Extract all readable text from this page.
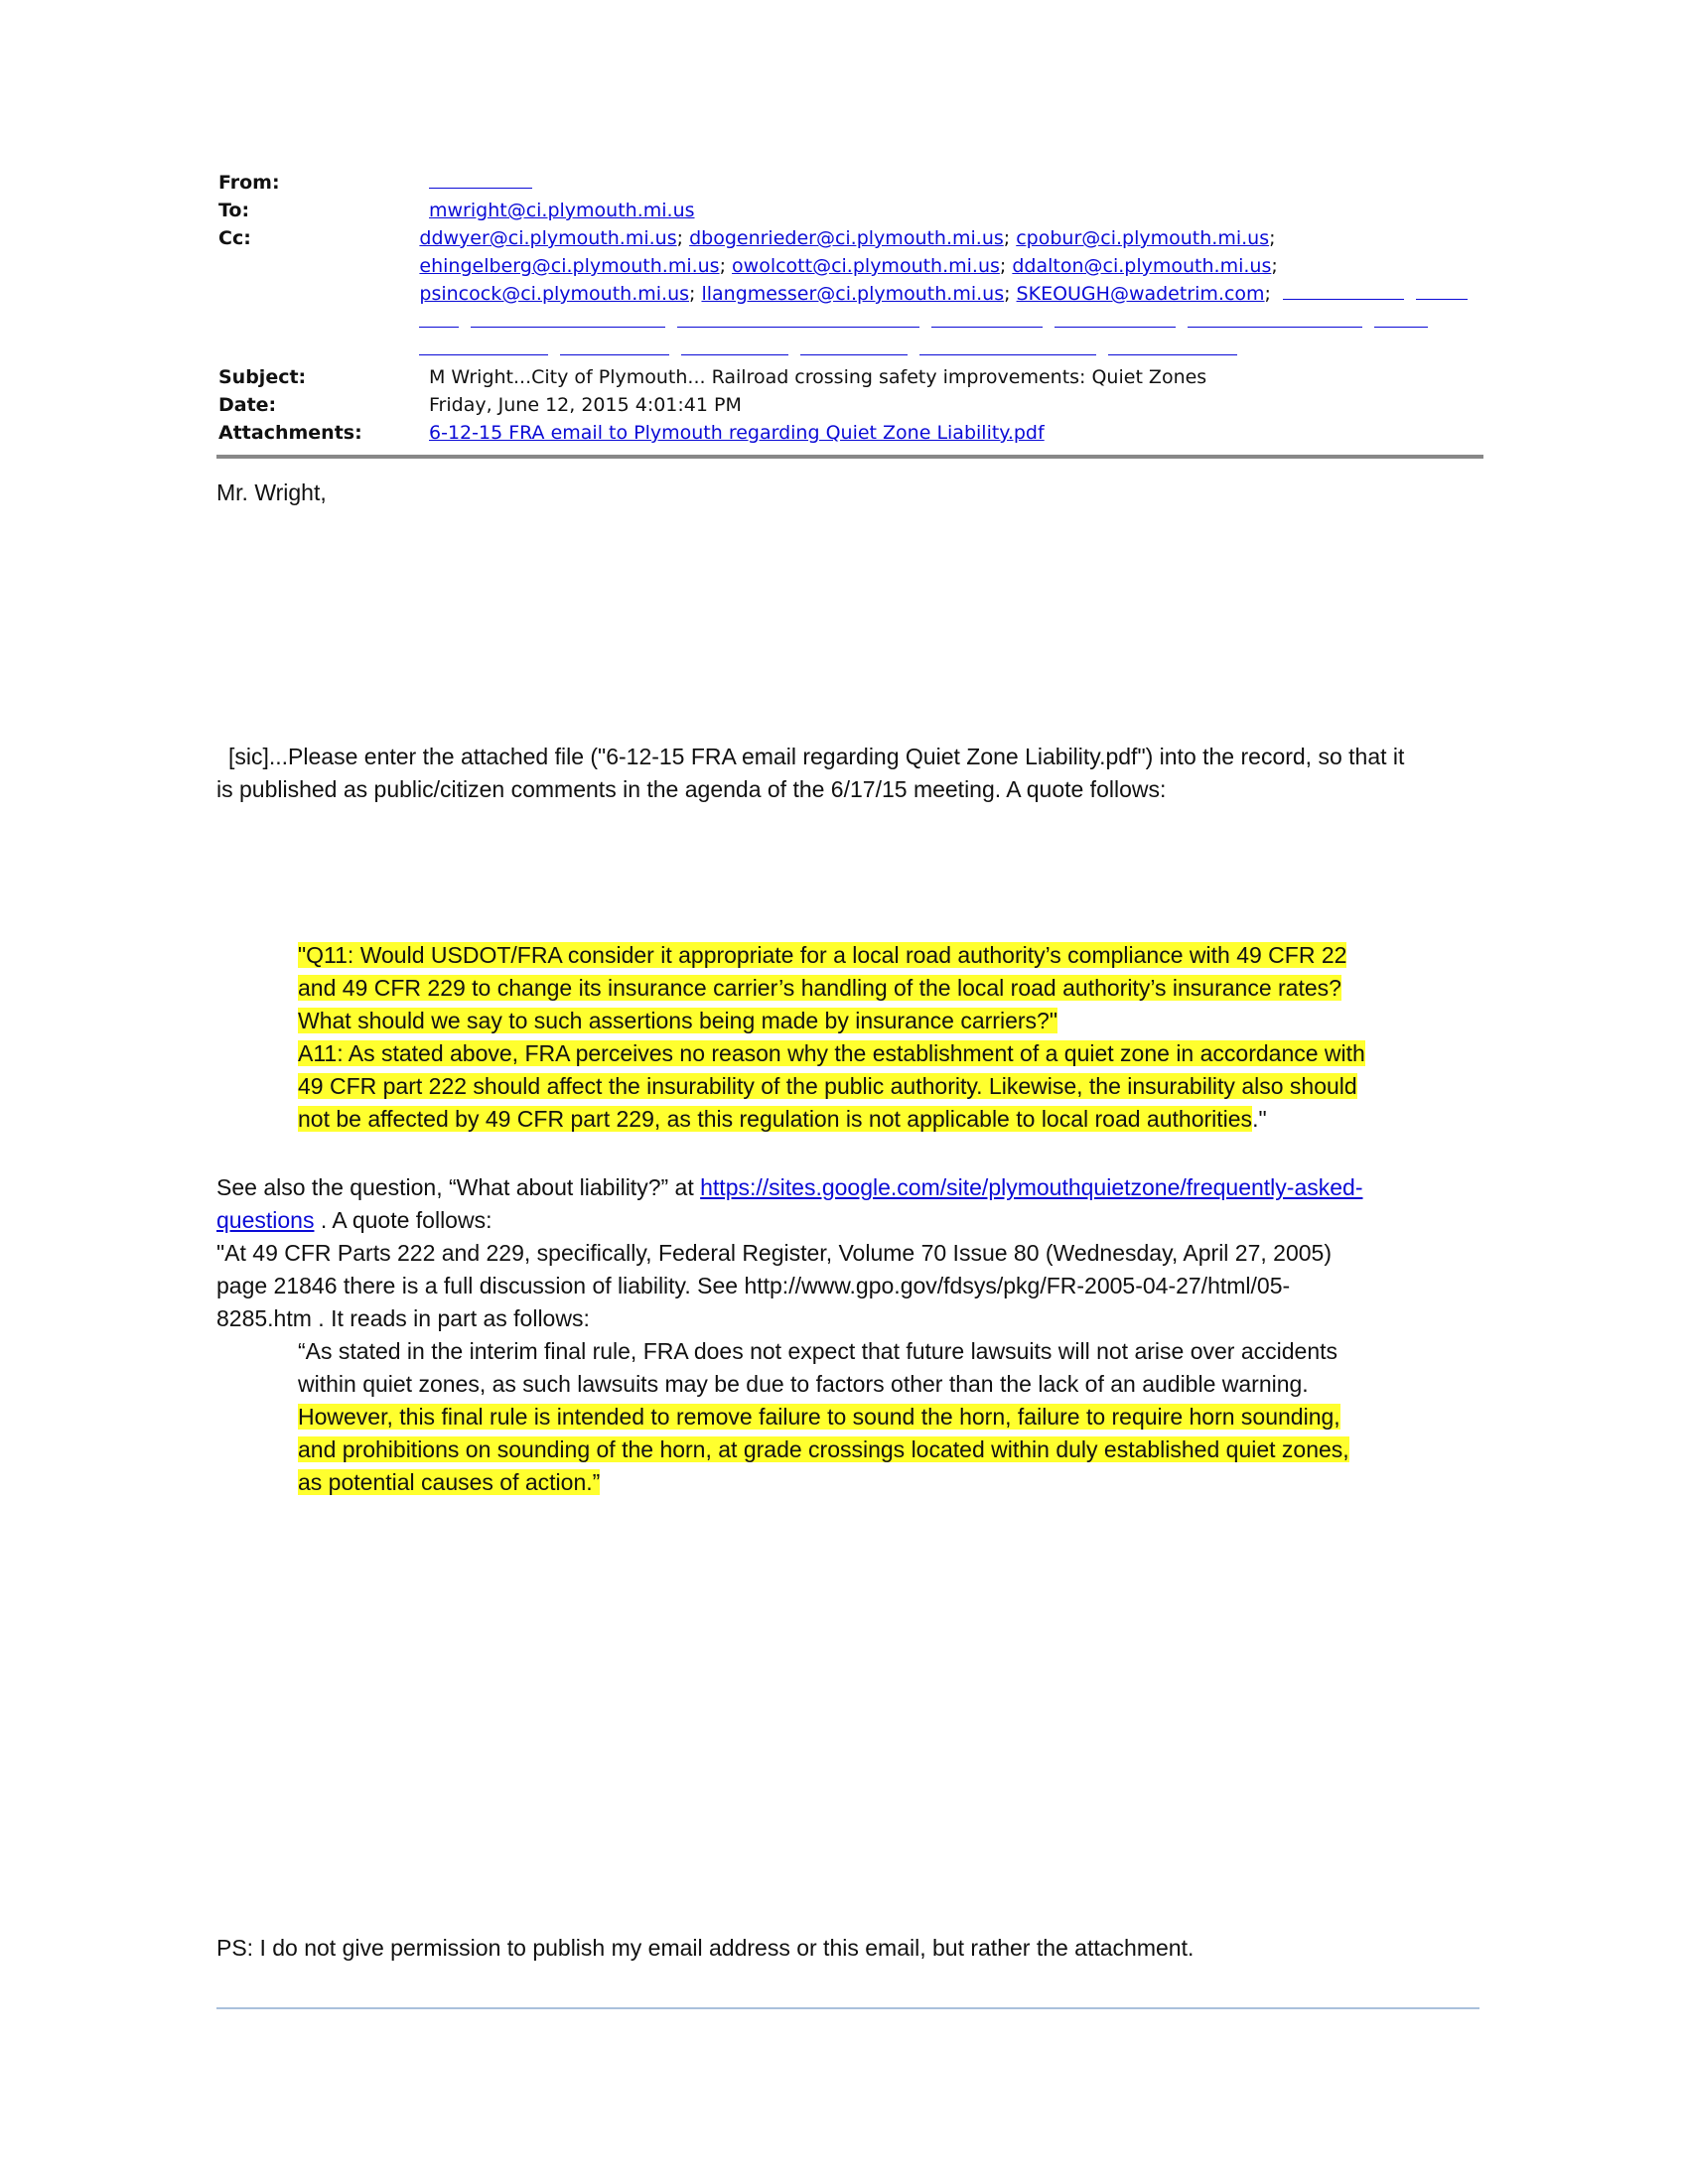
From:
To:	mwright@ci.plymouth.mi.us
Cc:	ddwyer@ci.plymouth.mi.us; dbogenrieder@ci.plymouth.mi.us; cpobur@ci.plymouth.mi.us;
ehingelberg@ci.plymouth.mi.us; owolcott@ci.plymouth.mi.us; ddalton@ci.plymouth.mi.us;
psincock@ci.plymouth.mi.us; llangmesser@ci.plymouth.mi.us; SKEOUGH@wadetrim.com;
Subject:	M Wright...City of Plymouth... Railroad crossing safety improvements: Quiet Zones
Date:	Friday, June 12, 2015 4:01:41 PM
Attachments:	6-12-15 FRA email to Plymouth regarding Quiet Zone Liability.pdf
Mr. Wright,

[sic]...Please enter the attached file ("6-12-15 FRA email regarding Quiet Zone Liability.pdf") into the record, so that it

is published as public/citizen comments in the agenda of the 6/17/15 meeting. A quote follows:

"Q11: Would USDOT/FRA consider it appropriate for a local road authority’s compliance with 49 CFR 22

and 49 CFR 229 to change its insurance carrier’s handling of the local road authority’s insurance rates?

What should we say to such assertions being made by insurance carriers?"

A11: As stated above, FRA perceives no reason why the establishment of a quiet zone in accordance with

49 CFR part 222 should affect the insurability of the public authority. Likewise, the insurability also should

not be affected by 49 CFR part 229, as this regulation is not applicable to local road authorities."

See also the question, “What about liability?” at https://sites.google.com/site/plymouthquietzone/frequently-asked-

questions . A quote follows:

"At 49 CFR Parts 222 and 229, specifically, Federal Register, Volume 70 Issue 80 (Wednesday, April 27, 2005)

page 21846 there is a full discussion of liability. See http://www.gpo.gov/fdsys/pkg/FR-2005-04-27/html/05-

8285.htm . It reads in part as follows:

“As stated in the interim final rule, FRA does not expect that future lawsuits will not arise over accidents

within quiet zones, as such lawsuits may be due to factors other than the lack of an audible warning.

However, this final rule is intended to remove failure to sound the horn, failure to require horn sounding,

and prohibitions on sounding of the horn, at grade crossings located within duly established quiet zones,

as potential causes of action.”

PS: I do not give permission to publish my email address or this email, but rather the attachment.
